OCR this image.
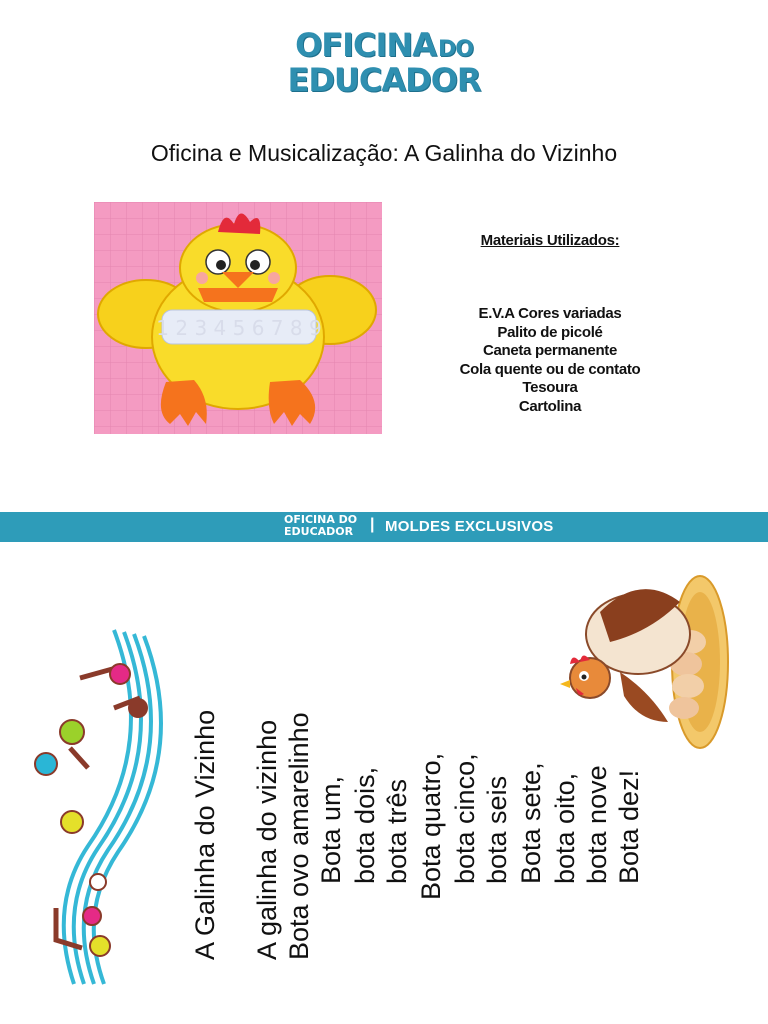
OFICINADO
EDUCADOR
Oficina e Musicalização: A Galinha do Vizinho
1 2 3 4 5 6 7 8 9
Materiais Utilizados:
E.V.A Cores variadas
Palito de picolé
Caneta permanente
Cola quente ou de contato
Tesoura
Cartolina
OFICINA DO
EDUCADOR | MOLDES EXCLUSIVOS
A Galinha do Vizinho A galinha do vizinho Bota ovo amarelinho Bota um, bota dois, bota três Bota quatro, bota cinco, bota seis Bota sete, bota oito, bota nove Bota dez!
